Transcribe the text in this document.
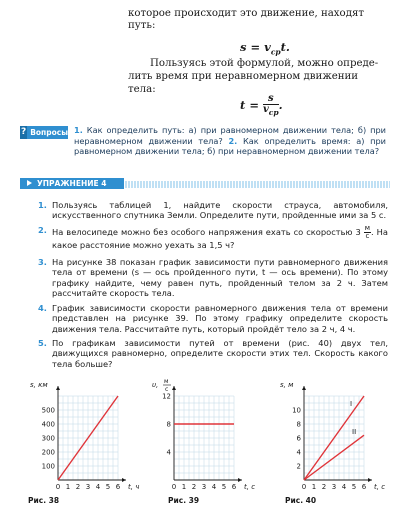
которое происходит это движение, находят
путь:
$s = v_{ср}t$.
Пользуясь этой формулой, можно опреде-
лить время при неравномерном движении
тела:
$t = \frac{s}{v_{ср}}$ .
? Вопросы 1. Как определить путь: а) при равномерном движении тела; б) при неравномерном движении тела? 2. Как определить время: а) при равномерном движении тела; б) при неравномерном движении тела?
УПРАЖНЕНИЕ 4
1. Пользуясь таблицей 1, найдите скорости страуса, автомобиля, искусственного спутника Земли. Определите пути, пройденные ими за 5 с.
2. На велосипеде можно без особого напряжения ехать со скоростью $3 \frac{м}{с}$ . На какое расстояние можно уехать за 1,5 ч?
3. На рисунке 38 показан график зависимости пути равномерного движения тела от времени (s — ось пройденного пути, t — ось времени). По этому графику найдите, чему равен путь, пройденный телом за 2 ч. Затем рассчитайте скорость тела.
4. График зависимости скорости равномерного движения тела от времени представлен на рисунке 39. По этому графику определите скорость движения тела. Рассчитайте путь, который пройдёт тело за 2 ч, 4 ч.
5. По графикам зависимости путей от времени (рис. 40) двух тел, движущихся равномерно, определите скорости этих тел. Скорость какого тела больше?
0 1 2 3 4 5 6
100
200
300
400
500
t, ч
s, км
Рис. 38
0 1 2 3 4 5 6
4
8
12
t, с
υ, м
с
Рис. 39
0 1 2 3 4 5 6
2
4
6
8
10
t, с
s, м
I
II
Рис. 40
